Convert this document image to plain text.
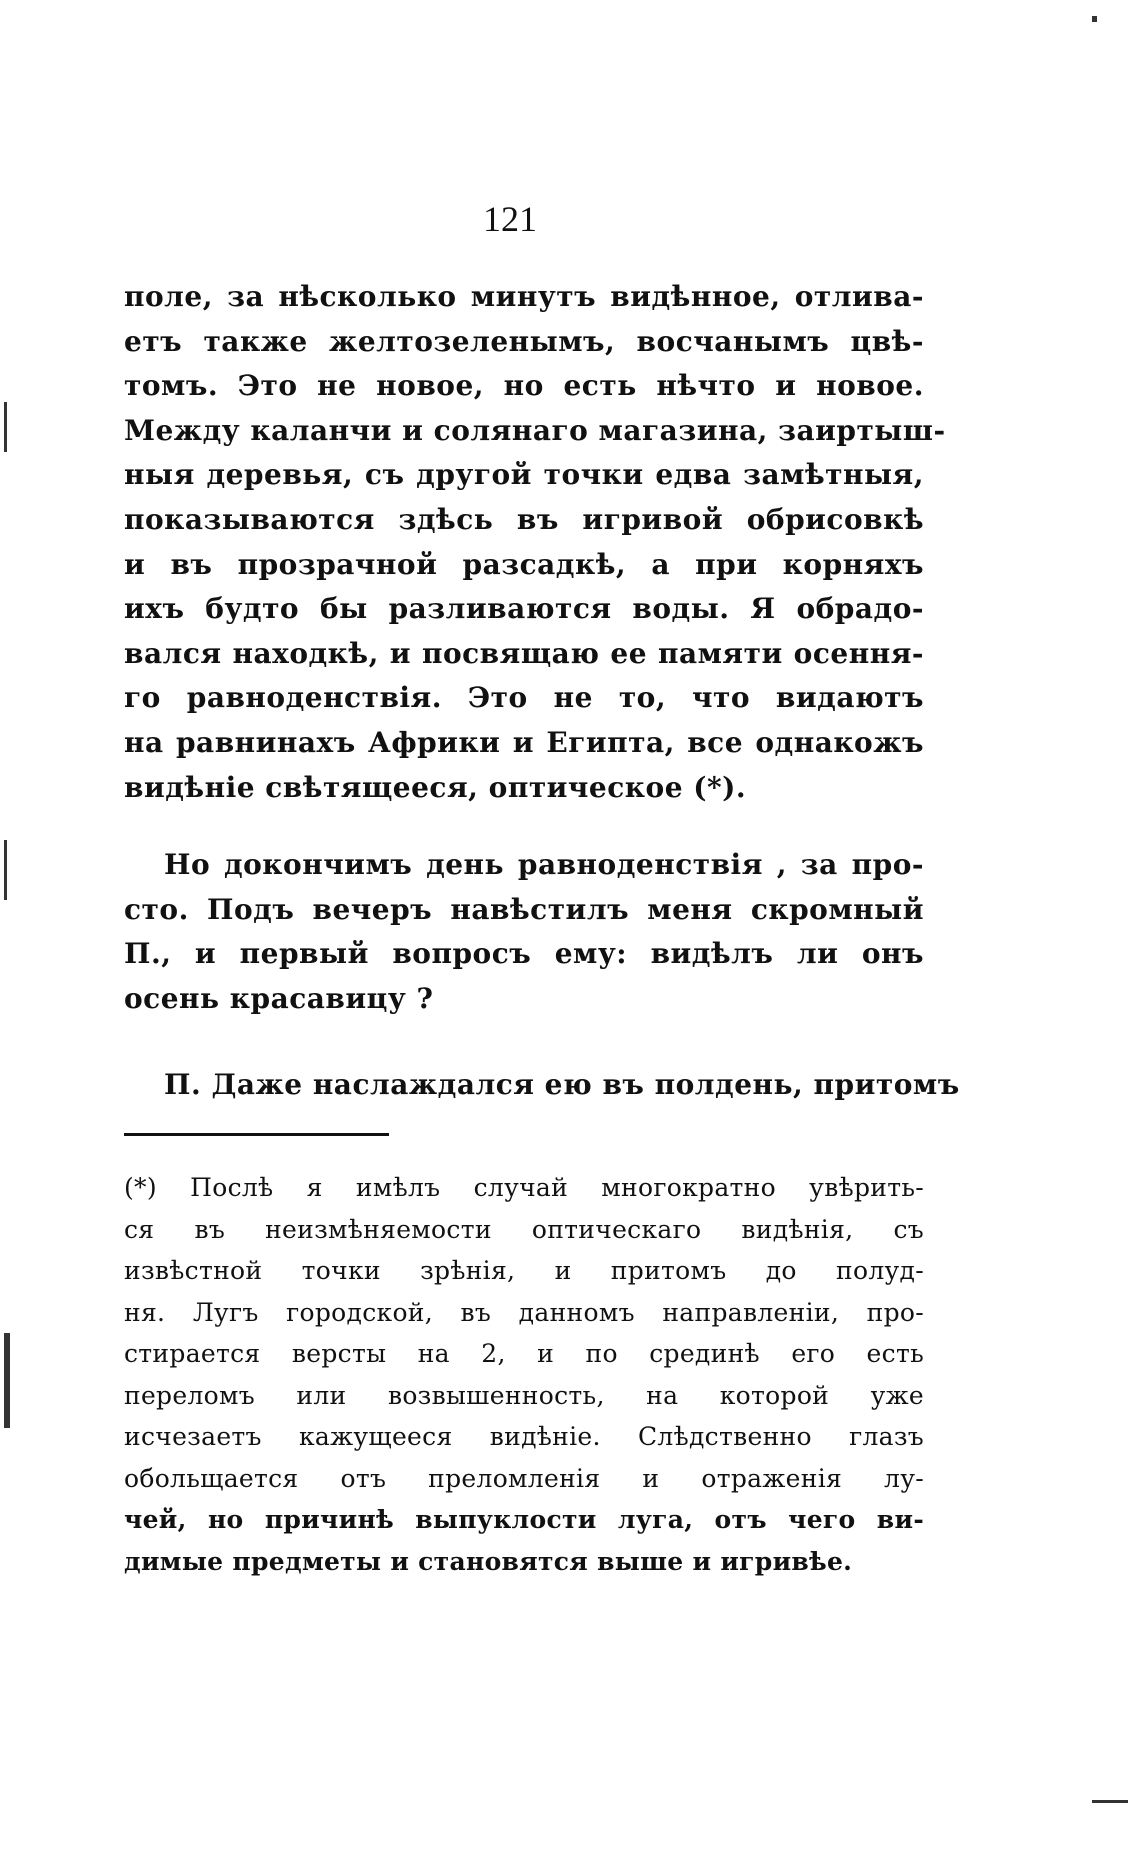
121
поле, за нѣсколько минутъ видѣнное, отлива-
етъ также желтозеленымъ, восчанымъ цвѣ-
томъ. Это не новое, но есть нѣчто и новое.
Между каланчи и солянаго магазина, заиртыш-
ныя деревья, съ другой точки едва замѣтныя,
показываются здѣсь въ игривой обрисовкѣ
и въ прозрачной разсадкѣ, а при корняхъ
ихъ будто бы разливаются воды. Я обрадо-
вался находкѣ, и посвящаю ее памяти осення-
го равноденствія. Это не то, что видаютъ
на равнинахъ Африки и Египта, все однакожъ
видѣніе свѣтящееся, оптическое (*).
Но докончимъ день равноденствія , за про-
сто. Подъ вечеръ навѣстилъ меня скромный
П., и первый вопросъ ему: видѣлъ ли онъ
осень красавицу ?
П. Даже наслаждался ею въ полдень, притомъ
(*) Послѣ я имѣлъ случай многократно увѣрить-
ся въ неизмѣняемости оптическаго видѣнія, съ
извѣстной точки зрѣнія, и притомъ до полуд-
ня. Лугъ городской, въ данномъ направленіи, про-
стирается версты на 2, и по срединѣ его есть
переломъ или возвышенность, на которой уже
исчезаетъ кажущееся видѣніе. Слѣдственно глазъ
обольщается отъ преломленія и отраженія лу-
чей, но причинѣ выпуклости луга, отъ чего ви-
димые предметы и становятся выше и игривѣе.
